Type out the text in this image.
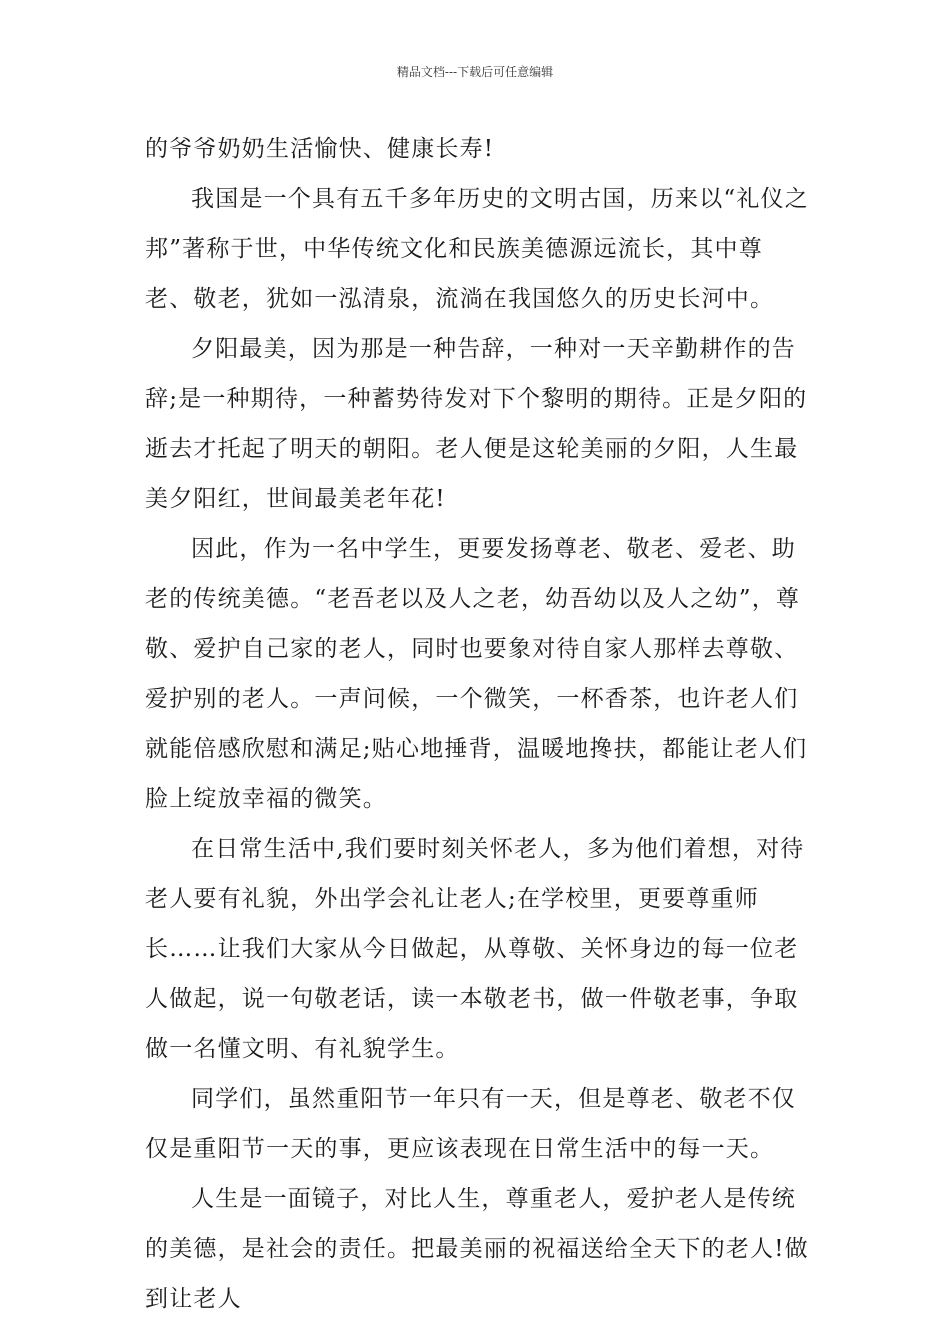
精品文档---下载后可任意编辑

的爷爷奶奶生活愉快、健康长寿!

我国是一个具有五千多年历史的文明古国，历来以“礼仪之邦”著称于世，中华传统文化和民族美德源远流长，其中尊老、敬老，犹如一泓清泉，流淌在我国悠久的历史长河中。

夕阳最美，因为那是一种告辞，一种对一天辛勤耕作的告辞;是一种期待，一种蓄势待发对下个黎明的期待。正是夕阳的逝去才托起了明天的朝阳。老人便是这轮美丽的夕阳，人生最美夕阳红，世间最美老年花!

因此，作为一名中学生，更要发扬尊老、敬老、爱老、助老的传统美德。“老吾老以及人之老，幼吾幼以及人之幼”，尊敬、爱护自己家的老人，同时也要象对待自家人那样去尊敬、爱护别的老人。一声问候，一个微笑，一杯香茶，也许老人们就能倍感欣慰和满足;贴心地捶背，温暖地搀扶，都能让老人们脸上绽放幸福的微笑。

在日常生活中,我们要时刻关怀老人，多为他们着想，对待老人要有礼貌，外出学会礼让老人;在学校里，更要尊重师长……让我们大家从今日做起，从尊敬、关怀身边的每一位老人做起，说一句敬老话，读一本敬老书，做一件敬老事，争取做一名懂文明、有礼貌学生。

同学们，虽然重阳节一年只有一天，但是尊老、敬老不仅仅是重阳节一天的事，更应该表现在日常生活中的每一天。

人生是一面镜子，对比人生，尊重老人，爱护老人是传统的美德，是社会的责任。把最美丽的祝福送给全天下的老人!做到让老人
